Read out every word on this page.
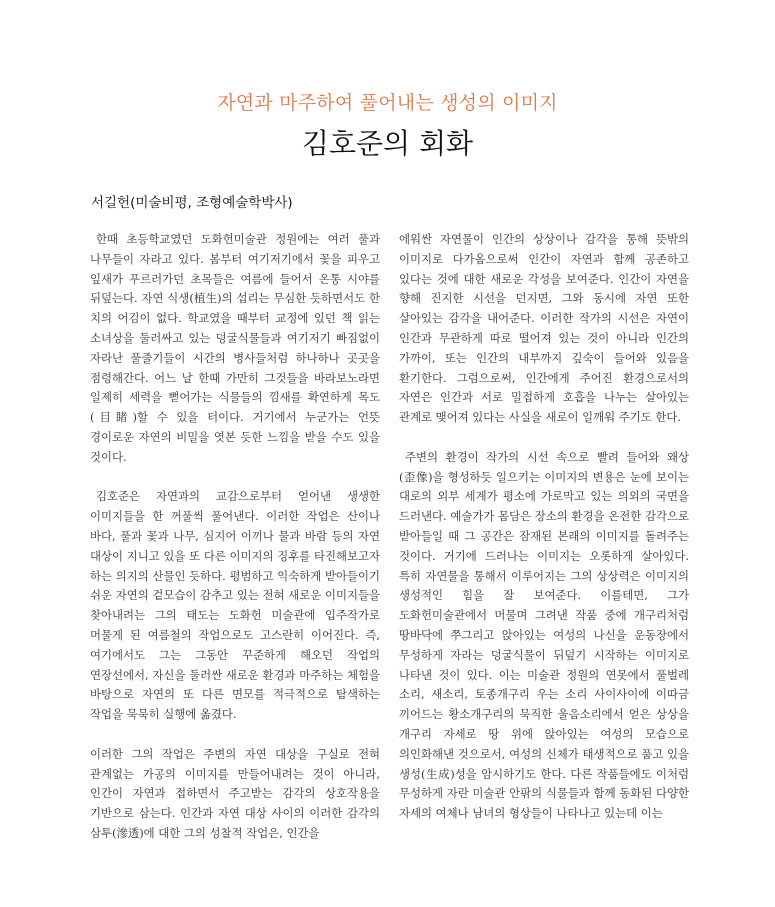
자연과 마주하여 풀어내는 생성의 이미지
김호준의 회화
서길헌(미술비평, 조형예술학박사)

한때 초등학교였던 도화헌미술관 정원에는 여러 풀과 나무들이 자라고 있다. 봄부터 여기저기에서 꽃을 피우고 잎새가 푸르러가던 초목들은 여름에 들어서 온통 시야를 뒤덮는다. 자연 식생(植生)의 섭리는 무심한 듯하면서도 한 치의 어김이 없다. 학교였을 때부터 교정에 있던 책 읽는 소녀상을 둘러싸고 있는 덩굴식물들과 여기저기 빠짐없이 자라난 풀줄기들이 시간의 병사들처럼 하나하나 곳곳을 점령해간다. 어느 날 한때 가만히 그것들을 바라보노라면 일제히 세력을 뻗어가는 식물들의 낌새를 확연하게 목도 (目睹)할 수 있을 터이다. 거기에서 누군가는 언뜻 경이로운 자연의 비밀을 엿본 듯한 느낌을 받을 수도 있을 것이다.

김호준은 자연과의 교감으로부터 얻어낸 생생한 이미지들을 한 꺼풀씩 풀어낸다. 이러한 작업은 산이나 바다, 풀과 꽃과 나무, 심지어 이끼나 물과 바람 등의 자연 대상이 지니고 있을 또 다른 이미지의 징후를 타진해보고자 하는 의지의 산물인 듯하다. 평범하고 익숙하게 받아들이기 쉬운 자연의 겉모습이 감추고 있는 전혀 새로운 이미지들을 찾아내려는 그의 태도는 도화헌 미술관에 입주작가로 머물게 된 여름철의 작업으로도 고스란히 이어진다. 즉, 여기에서도 그는 그동안 꾸준하게 해오던 작업의 연장선에서, 자신을 둘러싼 새로운 환경과 마주하는 체험을 바탕으로 자연의 또 다른 면모를 적극적으로 탐색하는 작업을 묵묵히 실행에 옮겼다.

이러한 그의 작업은 주변의 자연 대상을 구실로 전혀 관계없는 가공의 이미지를 만들어내려는 것이 아니라, 인간이 자연과 접하면서 주고받는 감각의 상호작용을 기반으로 삼는다. 인간과 자연 대상 사이의 이러한 감각의 삼투(滲透)에 대한 그의 성찰적 작업은, 인간을

에워싼 자연물이 인간의 상상이나 감각을 통해 뜻밖의 이미지로 다가옴으로써 인간이 자연과 함께 공존하고 있다는 것에 대한 새로운 각성을 보여준다. 인간이 자연을 향해 진지한 시선을 던지면, 그와 동시에 자연 또한 살아있는 감각을 내어준다. 이러한 작가의 시선은 자연이 인간과 무관하게 따로 떨어져 있는 것이 아니라 인간의 가까이, 또는 인간의 내부까지 깊숙이 들어와 있음을 환기한다. 그럼으로써, 인간에게 주어진 환경으로서의 자연은 인간과 서로 밀접하게 호흡을 나누는 살아있는 관계로 맺어져 있다는 사실을 새로이 일깨워 주기도 한다.

주변의 환경이 작가의 시선 속으로 빨려 들어와 왜상(歪像)을 형성하듯 일으키는 이미지의 변용은 눈에 보이는 대로의 외부 세계가 평소에 가로막고 있는 의외의 국면을 드러낸다. 예술가가 몸담은 장소의 환경을 온전한 감각으로 받아들일 때 그 공간은 잠재된 본래의 이미지를 돌려주는 것이다. 거기에 드러나는 이미지는 오롯하게 살아있다. 특히 자연물을 통해서 이루어지는 그의 상상력은 이미지의 생성적인 힘을 잘 보여준다. 이를테면, 그가 도화헌미술관에서 머물며 그려낸 작품 중에 개구리처럼 땅바닥에 쭈그리고 앉아있는 여성의 나신을 운동장에서 무성하게 자라는 덩굴식물이 뒤덮기 시작하는 이미지로 나타낸 것이 있다. 이는 미술관 정원의 연못에서 풀벌레 소리, 새소리, 토종개구리 우는 소리 사이사이에 이따금 끼어드는 황소개구리의 묵직한 울음소리에서 얻은 상상을 개구리 자세로 땅 위에 앉아있는 여성의 모습으로 의인화해낸 것으로서, 여성의 신체가 태생적으로 품고 있을 생성(生成)성을 암시하기도 한다. 다른 작품들에도 이처럼 무성하게 자란 미술관 안팎의 식물들과 함께 동화된 다양한 자세의 여체나 남녀의 형상들이 나타나고 있는데 이는
